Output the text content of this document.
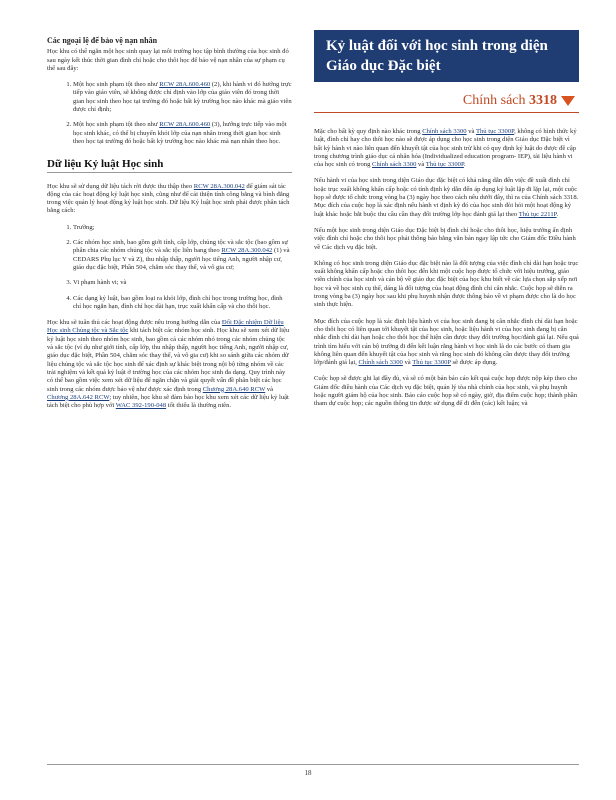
Các ngoại lệ để bảo vệ nạn nhân

Học khu có thể ngăn một học sinh quay lại môi trường học tập bình thường của học sinh đó sau ngày kết thúc thời gian đình chỉ hoặc cho thôi học để bảo vệ nạn nhân của sự phạm cụ thể sau đây:

1. Một học sinh phạm tội theo như RCW 28A.600.460 (2), khi hành vi đó hướng trực tiếp vào giáo viên, sẽ không được chỉ định vào lớp của giáo viên đó trong thời gian học sinh theo học tại trường đó hoặc bất kỳ trường học nào khác mà giáo viên được chỉ định;
2. Một học sinh phạm tội theo như RCW 28A.600.460 (3), hướng trực tiếp vào một học sinh khác, có thể bị chuyển khỏi lớp của nạn nhân trong thời gian học sinh theo học tại trường đó hoặc bất kỳ trường học nào khác mà nạn nhân theo học.
Dữ liệu Kỷ luật Học sinh

Học khu sẽ sử dụng dữ liệu tách rời được thu thập theo RCW 28A.300.042 để giám sát tác động của các hoạt động kỷ luật học sinh, cũng như để cải thiện tính công bằng và bình đẳng trong việc quản lý hoạt động kỷ luật học sinh. Dữ liệu Kỷ luật học sinh phải được phân tách bằng cách:

1. Trường;
2. Các nhóm học sinh, bao gồm giới tính, cấp lớp, chủng tộc và sắc tộc (bao gồm sự phân chia các nhóm chủng tộc và sắc tộc liên bang theo RCW 28A.300.042 (1) và CEDARS Phụ lục Y và Z), thu nhập thấp, người học tiếng Anh, người nhập cư, giáo dục đặc biệt, Phần 504, chăm sóc thay thế, và vô gia cư;
3. Vi phạm hành vi; và
4. Các dạng kỷ luật, bao gồm loại ra khỏi lớp, đình chỉ học trong trường học, đình chỉ học ngắn hạn, đình chỉ học dài hạn, trục xuất khẩn cấp và cho thôi học.

Học khu sẽ tuân thủ các hoạt động được nêu trong hướng dẫn của Đối Đặc nhiệm Dữ liệu Học sinh Chủng tộc và Sắc tộc khi tách biệt các nhóm học sinh. Học khu sẽ xem xét dữ liệu kỷ luật học sinh theo nhóm học sinh, bao gồm cả các nhóm nhỏ trong các nhóm chủng tộc và sắc tộc (ví dụ như giới tính, cấp lớp, thu nhập thấp, người học tiếng Anh, người nhập cư, giáo dục đặc biệt, Phần 504, chăm sóc thay thế, và vô gia cư) khi so sánh giữa các nhóm dữ liệu chủng tộc và sắc tộc học sinh để xác định sự khác biệt trong nội bộ từng nhóm về các trải nghiệm và kết quả kỷ luật ở trường học của các nhóm học sinh đa dạng. Quy trình này có thể bao gồm việc xem xét dữ liệu để ngăn chặn và giải quyết vấn đề phân biệt các học sinh trong các nhóm được bảo vệ như được xác định trong Chương 28A.640 RCW và Chương 28A.642 RCW; tuy nhiên, học khu sẽ đảm bảo học khu xem xét các dữ liệu kỷ luật tách biệt cho phù hợp với WAC 392-190-048 tốt thiểu là thường niên.

Kỷ luật đối với học sinh trong diện Giáo dục Đặc biệt
Chính sách 3318

Mặc cho bất kỳ quy định nào khác trong Chính sách 3300 và Thủ tục 3300P, không có hình thức kỷ luật, đình chỉ hay cho thôi học nào sẽ được áp dụng cho học sinh trong diện Giáo dục Đặc biệt vì bất kỳ hành vi nào liên quan đến khuyết tật của học sinh trừ khi có quy định kỷ luật do được đề cập trong chương trình giáo dục cá nhân hóa (Individualized education program- IEP), tài liệu hành vi của học sinh có trong Chính sách 3300 và Thủ tục 3300P.

Nếu hành vi của học sinh trong diện Giáo dục đặc biệt có khả năng dẫn đến việc đề xuất đình chỉ hoặc trục xuất không khẩn cấp hoặc có tính định kỳ dẫn đến áp dụng kỷ luật lặp đi lặp lại, một cuộc họp sẽ được tổ chức trong vòng ba (3) ngày học theo cách nêu dưới đây, thì ra của Chính sách 3318. Mục đích của cuộc họp là xác định nếu hành vi định kỳ đó của học sinh đòi hỏi một hoạt động kỷ luật khác hoặc bắt buộc thu cầu cần thay đổi trường lớp học đánh giá lại theo Thủ tục 2211P.

Nếu một học sinh trong diện Giáo dục Đặc biệt bị đình chỉ hoặc cho thôi học, hiệu trưởng ấn định việc đình chỉ hoặc cho thôi học phải thông báo bằng văn bản ngay lập tức cho Giám đốc Điều hành về Các dịch vụ đặc biệt.

Không có học sinh trong diện Giáo dục đặc biệt nào là đối tượng của việc đình chỉ dài hạn hoặc trục xuất không khẩn cấp hoặc cho thôi học đến khi một cuộc họp được tổ chức với hiệu trưởng, giáo viên chính của học sinh và cán bộ về giáo dục đặc biệt của học khu biết về các lựa chọn sắp xếp nơi học và về học sinh cụ thể, dáng là đối tượng của hoạt động đình chỉ cân nhắc. Cuộc họp sẽ diễn ra trong vòng ba (3) ngày học sau khi phụ huynh nhận được thông báo về vi phạm được cho là do học sinh thực hiện.

Mục đích của cuộc họp là xác định liệu hành vi của học sinh đang bị cân nhắc đình chỉ dài hạn hoặc cho thôi học có liên quan tới khuyết tật của học sinh, hoặc liệu hành vi của học sinh đang bị cân nhắc đình chỉ dài hạn hoặc cho thôi học thể hiện cần được thay đổi trường học/đánh giá lại. Nếu quá trình tìm hiểu với cán bộ trường đi đến kết luận rằng hành vi học sinh là do các bước có tham gia không liên quan đến khuyết tật của học sinh và rằng học sinh đó không cần được thay đổi trường lớp/đánh giá lại, Chính sách 3300 và Thủ tục 3300P sẽ được áp dụng.

Cuộc họp sẽ được ghi lại đầy đủ, và sẽ có một bản báo cáo kết quả cuộc họp được nộp kèp theo cho Giám đốc điều hành của Các dịch vụ đặc biệt, quản lý tòa nhà chính của học sinh, và phụ huynh hoặc người giám hộ của học sinh. Báo cáo cuộc họp sẽ có ngày, giờ, địa điểm cuộc họp; thành phần tham dự cuộc họp; các nguồn thông tin được sử dụng để đi đến (các) kết luận; và

18
